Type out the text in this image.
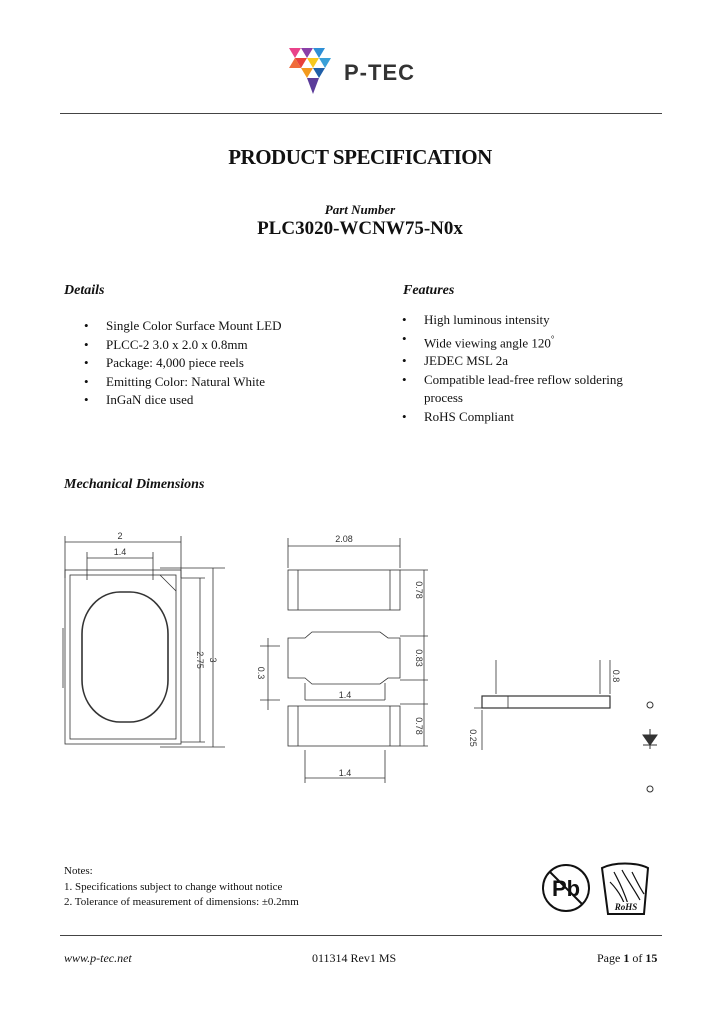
P-TEC
PRODUCT SPECIFICATION
Part Number
PLC3020-WCNW75-N0x
Details
• Single Color Surface Mount LED
• PLCC-2 3.0 x 2.0 x 0.8mm
• Package: 4,000 piece reels
• Emitting Color: Natural White
• InGaN dice used
Features
• High luminous intensity
• Wide viewing angle 120°
• JEDEC MSL 2a
• Compatible lead-free reflow soldering process
• RoHS Compliant
Mechanical Dimensions
2
1.4
2.75 3
2.08
0.78
0.83
0.78
0.3
1.4
1.4
0.8
0.25
Notes:
1. Specifications subject to change without notice
2. Tolerance of measurement of dimensions: ±0.2mm
Pb
RoHS
www.p-tec.net	011314 Rev1 MS	Page 1 of 15
